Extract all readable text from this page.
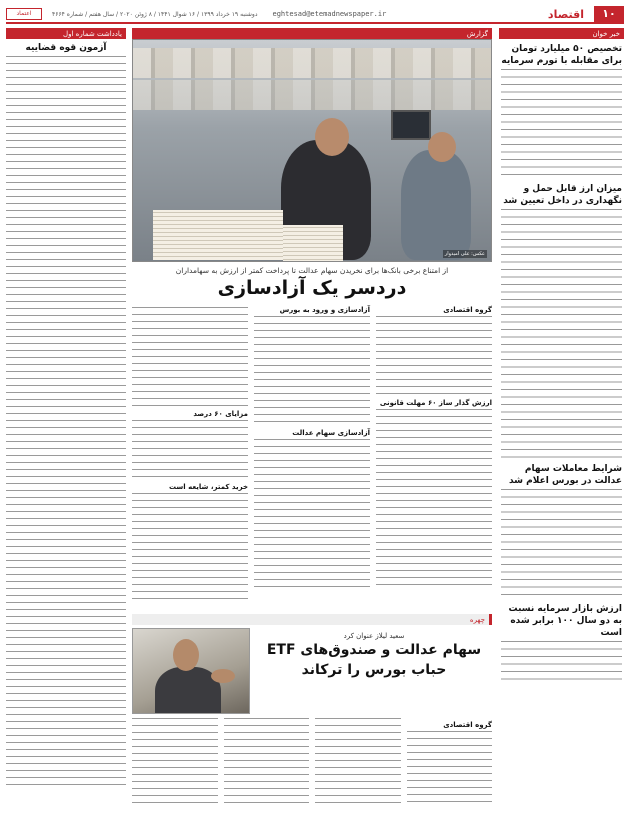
۱۰
اقتصاد
eghtesad@etemadnewspaper.ir
دوشنبه ۱۹ خرداد ۱۳۹۹ / ۱۶ شوال ۱۴۴۱ / ۸ ژوئن ۲۰۲۰ / سال هفتم / شماره ۴۶۶۴
اعتماد
خبر خوان
تخصیص ۵۰ میلیارد تومان برای مقابله با تورم سرمایه
میزان ارز قابل حمل و نگهداری در داخل تعیین شد
شرایط معاملات سهام عدالت در بورس اعلام شد
ارزش بازار سرمایه نسبت به دو سال ۱۰۰ برابر شده است
گزارش
عکس: علی امیدوار
از امتناع برخی بانک‌ها برای نخریدن سهام عدالت تا پرداخت کمتر از ارزش به سهامداران
دردسر یک آزادسازی
گروه اقتصادی
ارزش گذار ساز ۶۰ مهلت قانونی
آزادسازی و ورود به بورس
آزادسازی سهام عدالت
مزایای ۶۰ درصد
خرید کمتر، شایعه است
چهره
سعید لیلاز عنوان کرد
سهام عدالت و صندوق‌های ETF حباب بورس را ترکاند
گروه اقتصادی
یادداشت شماره اول
آزمون قوه قضاییه
